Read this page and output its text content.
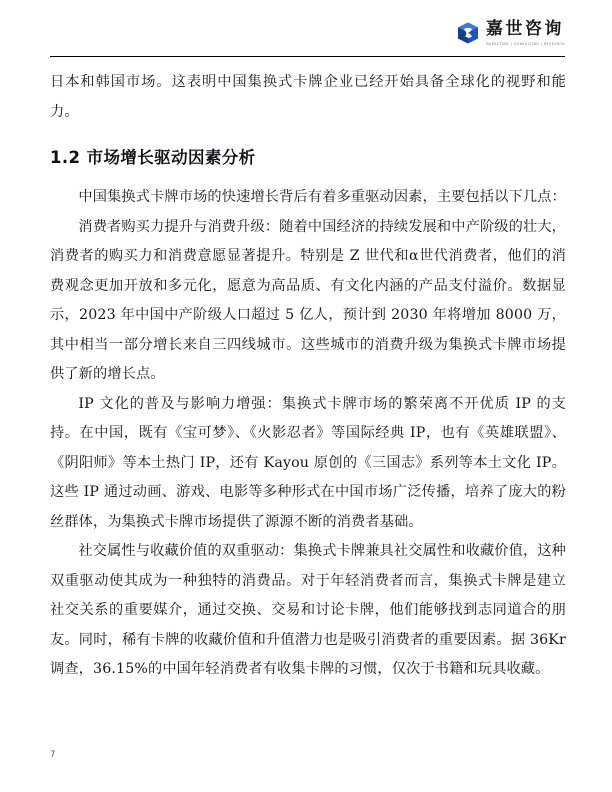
嘉世咨询
MARKETING | CONSULTING | RESEARCH

日本和韩国市场。这表明中国集换式卡牌企业已经开始具备全球化的视野和能力。

1.2 市场增长驱动因素分析

中国集换式卡牌市场的快速增长背后有着多重驱动因素，主要包括以下几点：

消费者购买力提升与消费升级：随着中国经济的持续发展和中产阶级的壮大，消费者的购买力和消费意愿显著提升。特别是 Z 世代和α世代消费者，他们的消费观念更加开放和多元化，愿意为高品质、有文化内涵的产品支付溢价。数据显示，2023 年中国中产阶级人口超过 5 亿人，预计到 2030 年将增加 8000 万，其中相当一部分增长来自三四线城市。这些城市的消费升级为集换式卡牌市场提供了新的增长点。

IP 文化的普及与影响力增强：集换式卡牌市场的繁荣离不开优质 IP 的支持。在中国，既有《宝可梦》、《火影忍者》等国际经典 IP，也有《英雄联盟》、《阴阳师》等本土热门 IP，还有 Kayou 原创的《三国志》系列等本土文化 IP。这些 IP 通过动画、游戏、电影等多种形式在中国市场广泛传播，培养了庞大的粉丝群体，为集换式卡牌市场提供了源源不断的消费者基础。

社交属性与收藏价值的双重驱动：集换式卡牌兼具社交属性和收藏价值，这种双重驱动使其成为一种独特的消费品。对于年轻消费者而言，集换式卡牌是建立社交关系的重要媒介，通过交换、交易和讨论卡牌，他们能够找到志同道合的朋友。同时，稀有卡牌的收藏价值和升值潜力也是吸引消费者的重要因素。据 36Kr 调查，36.15%的中国年轻消费者有收集卡牌的习惯，仅次于书籍和玩具收藏。

7
